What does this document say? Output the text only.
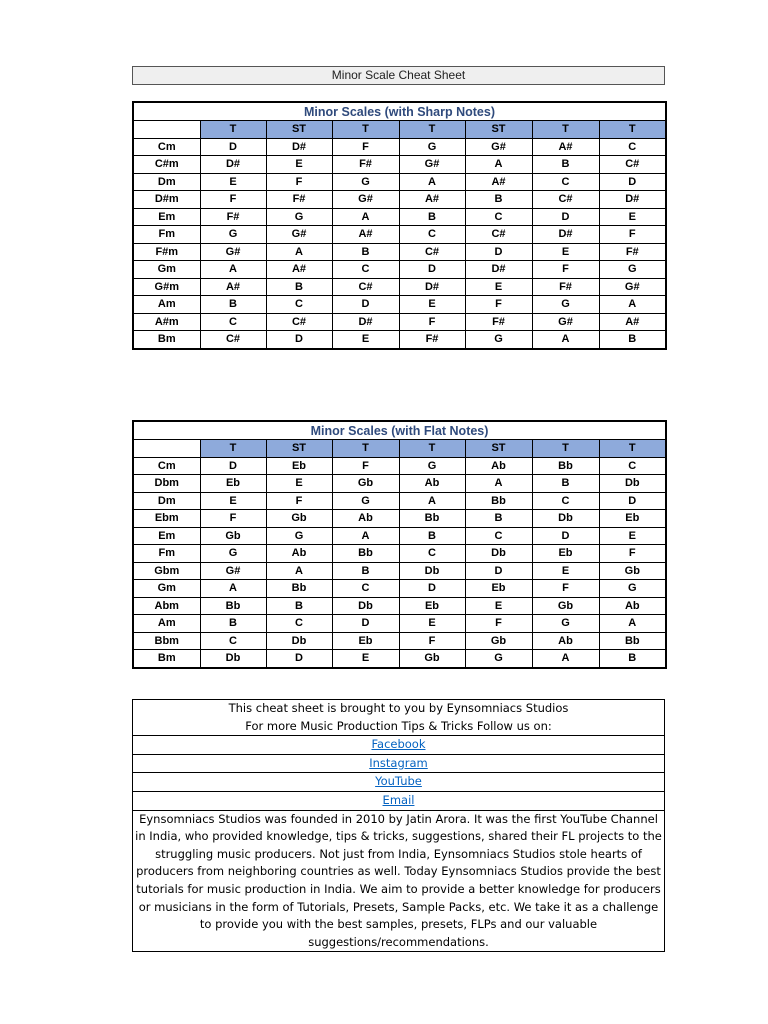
Minor Scale Cheat Sheet
Minor Scales (with Sharp Notes)							
	T	ST	T	T	ST	T	T
Cm	D	D#	F	G	G#	A#	C
C#m	D#	E	F#	G#	A	B	C#
Dm	E	F	G	A	A#	C	D
D#m	F	F#	G#	A#	B	C#	D#
Em	F#	G	A	B	C	D	E
Fm	G	G#	A#	C	C#	D#	F
F#m	G#	A	B	C#	D	E	F#
Gm	A	A#	C	D	D#	F	G
G#m	A#	B	C#	D#	E	F#	G#
Am	B	C	D	E	F	G	A
A#m	C	C#	D#	F	F#	G#	A#
Bm	C#	D	E	F#	G	A	B
Minor Scales (with Flat Notes)							
	T	ST	T	T	ST	T	T
Cm	D	Eb	F	G	Ab	Bb	C
Dbm	Eb	E	Gb	Ab	A	B	Db
Dm	E	F	G	A	Bb	C	D
Ebm	F	Gb	Ab	Bb	B	Db	Eb
Em	Gb	G	A	B	C	D	E
Fm	G	Ab	Bb	C	Db	Eb	F
Gbm	G#	A	B	Db	D	E	Gb
Gm	A	Bb	C	D	Eb	F	G
Abm	Bb	B	Db	Eb	E	Gb	Ab
Am	B	C	D	E	F	G	A
Bbm	C	Db	Eb	F	Gb	Ab	Bb
Bm	Db	D	E	Gb	G	A	B
This cheat sheet is brought to you by Eynsomniacs Studios
For more Music Production Tips & Tricks Follow us on:
Facebook
Instagram
YouTube
Email
Eynsomniacs Studios was founded in 2010 by Jatin Arora. It was the first YouTube Channel in India, who provided knowledge, tips & tricks, suggestions, shared their FL projects to the struggling music producers. Not just from India, Eynsomniacs Studios stole hearts of producers from neighboring countries as well. Today Eynsomniacs Studios provide the best tutorials for music production in India. We aim to provide a better knowledge for producers or musicians in the form of Tutorials, Presets, Sample Packs, etc. We take it as a challenge to provide you with the best samples, presets, FLPs and our valuable suggestions/recommendations.
